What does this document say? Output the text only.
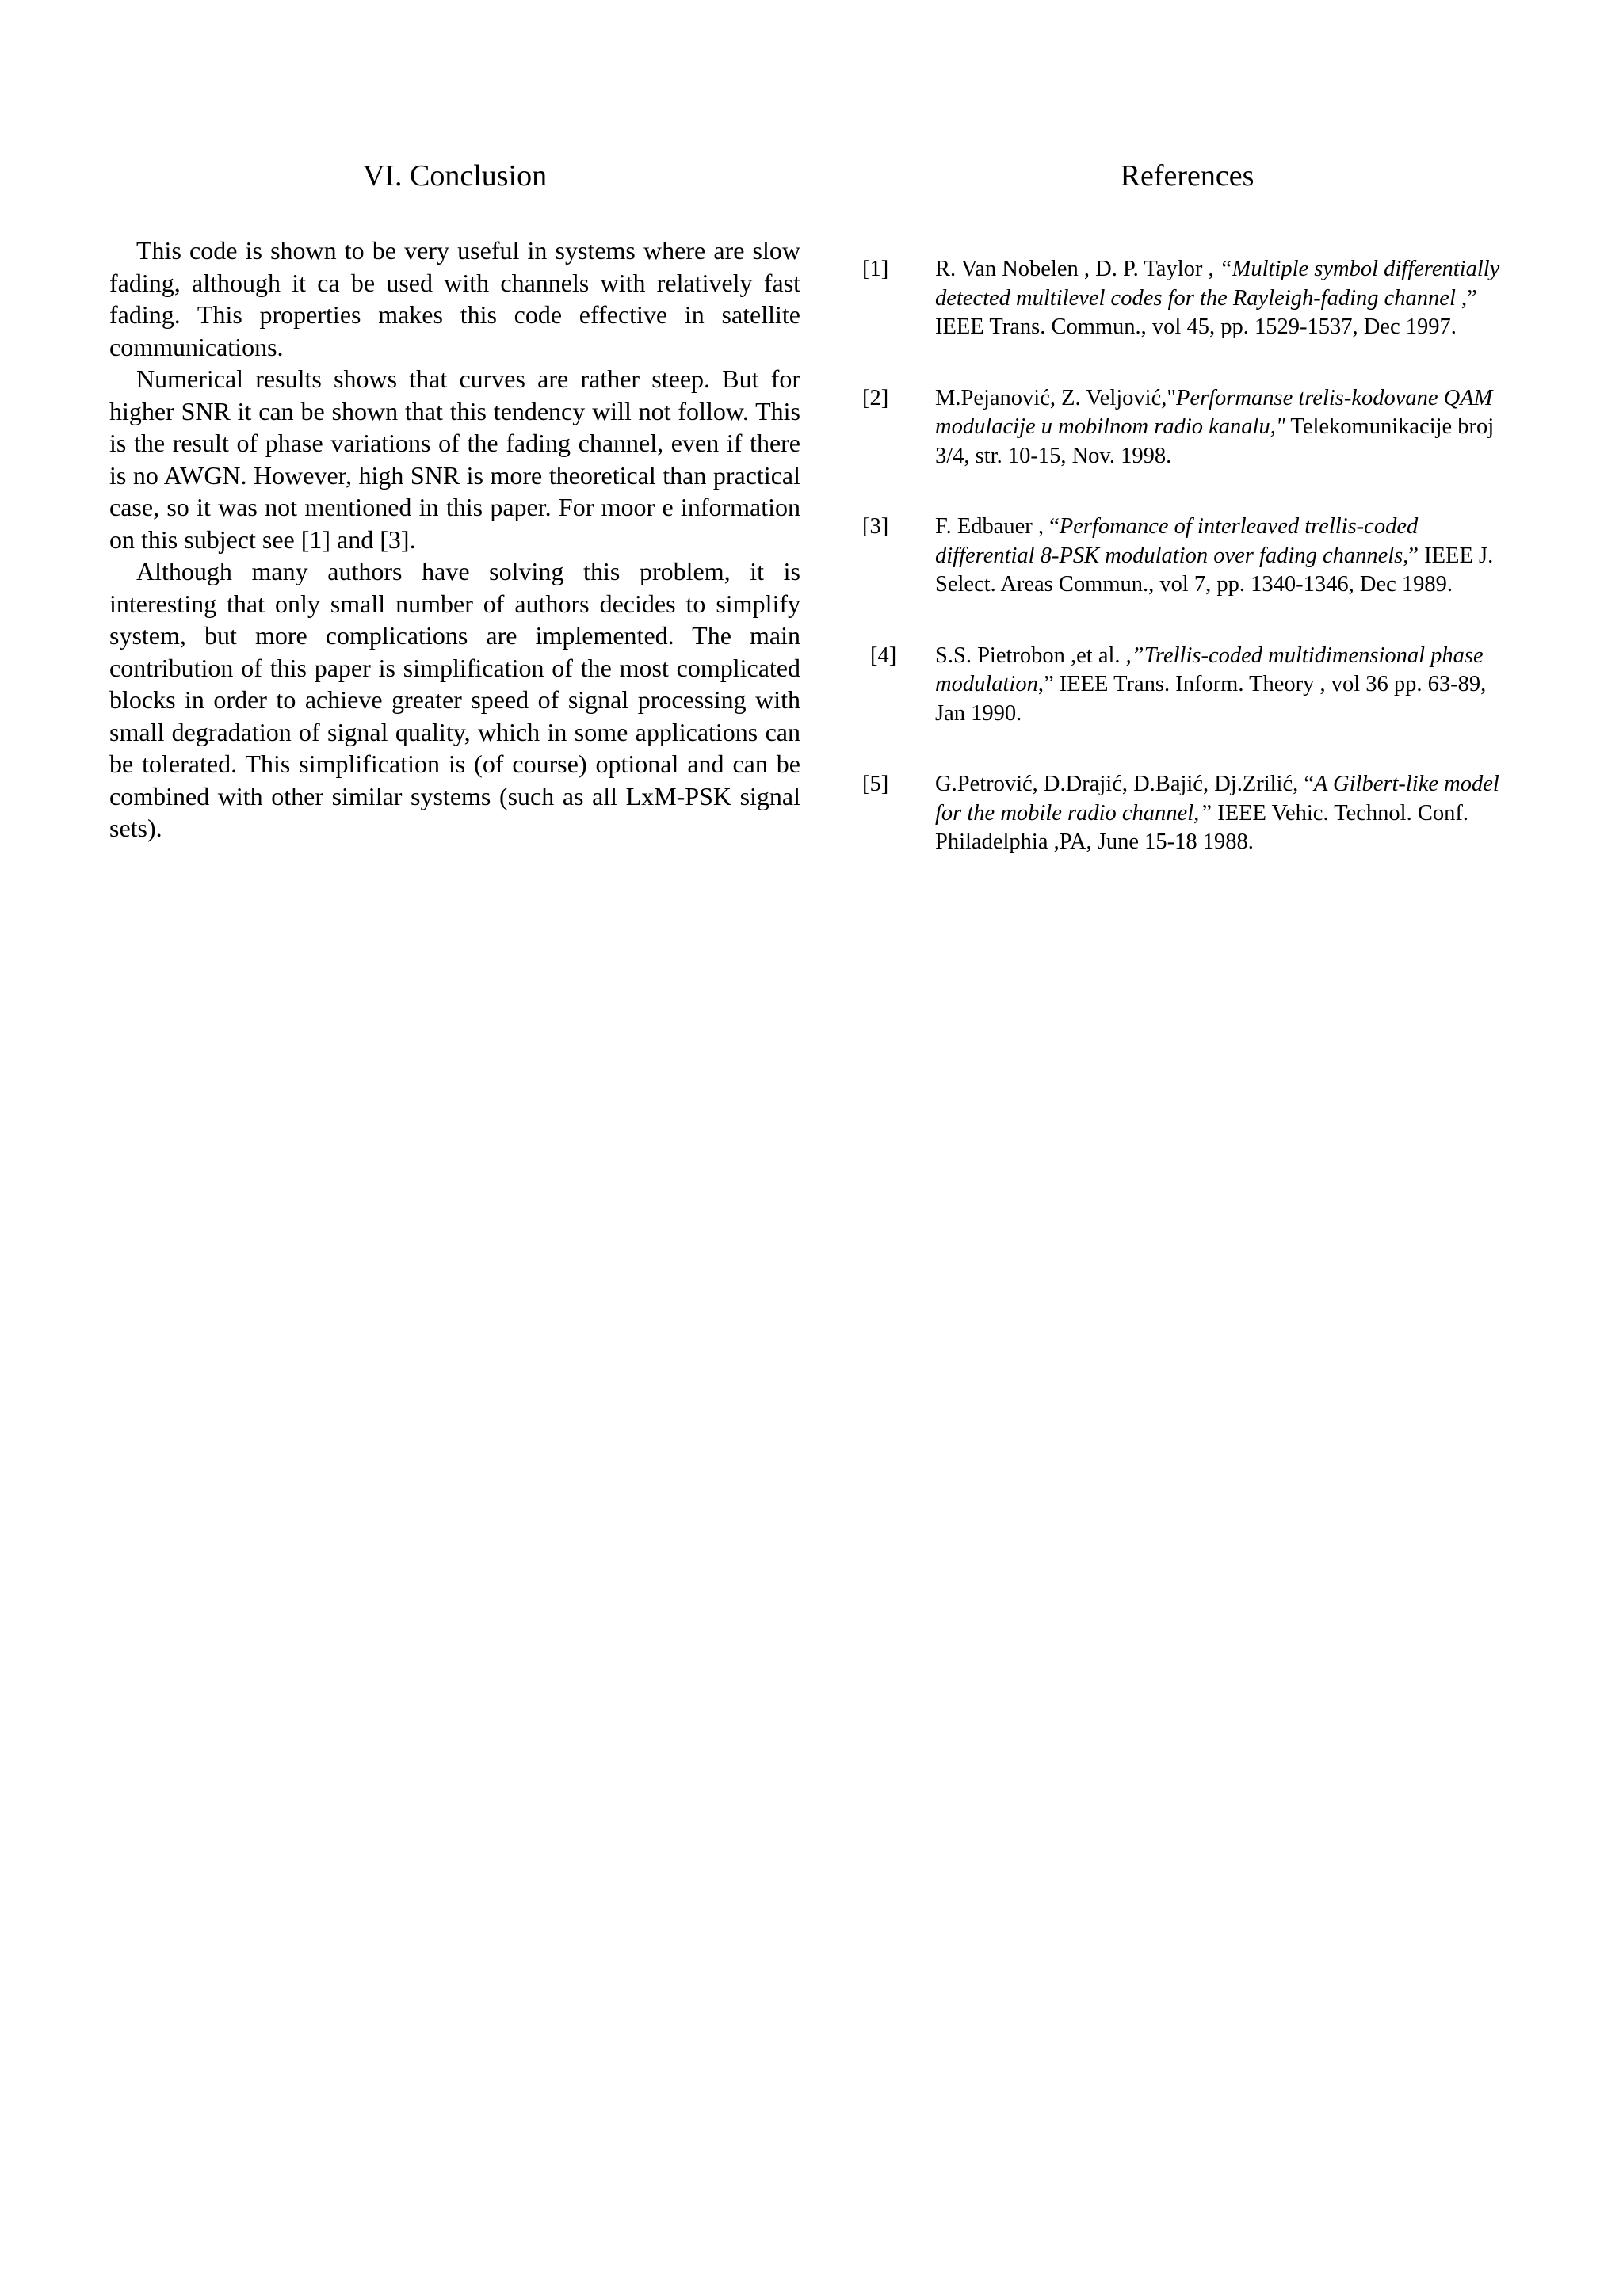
VI. Conclusion

This code is shown to be very useful in systems where are slow fading, although it ca be used with channels with relatively fast fading. This properties makes this code effective in satellite communications.

Numerical results shows that curves are rather steep. But for higher SNR it can be shown that this tendency will not follow. This is the result of phase variations of the fading channel, even if there is no AWGN. However, high SNR is more theoretical than practical case, so it was not mentioned in this paper. For moor e information on this subject see [1] and [3].

Although many authors have solving this problem, it is interesting that only small number of authors decides to simplify system, but more complications are implemented. The main contribution of this paper is simplification of the most complicated blocks in order to achieve greater speed of signal processing with small degradation of signal quality, which in some applications can be tolerated. This simplification is (of course) optional and can be combined with other similar systems (such as all LxM-PSK signal sets).

References
[1] R. Van Nobelen , D. P. Taylor , “Multiple symbol differentially detected multilevel codes for the Rayleigh-fading channel ,” IEEE Trans. Commun., vol 45, pp. 1529-1537, Dec 1997.
[2] M.Pejanović, Z. Veljović,"Performanse trelis-kodovane QAM modulacije u mobilnom radio kanalu," Telekomunikacije broj 3/4, str. 10-15, Nov. 1998.
[3] F. Edbauer , “Perfomance of interleaved trellis-coded differential 8-PSK modulation over fading channels,” IEEE J. Select. Areas Commun., vol 7, pp. 1340-1346, Dec 1989.
[4] S.S. Pietrobon ,et al. ,”Trellis-coded multidimensional phase modulation,” IEEE Trans. Inform. Theory , vol 36 pp. 63-89, Jan 1990.
[5] G.Petrović, D.Drajić, D.Bajić, Dj.Zrilić, “A Gilbert-like model for the mobile radio channel,” IEEE Vehic. Technol. Conf. Philadelphia ,PA, June 15-18 1988.
